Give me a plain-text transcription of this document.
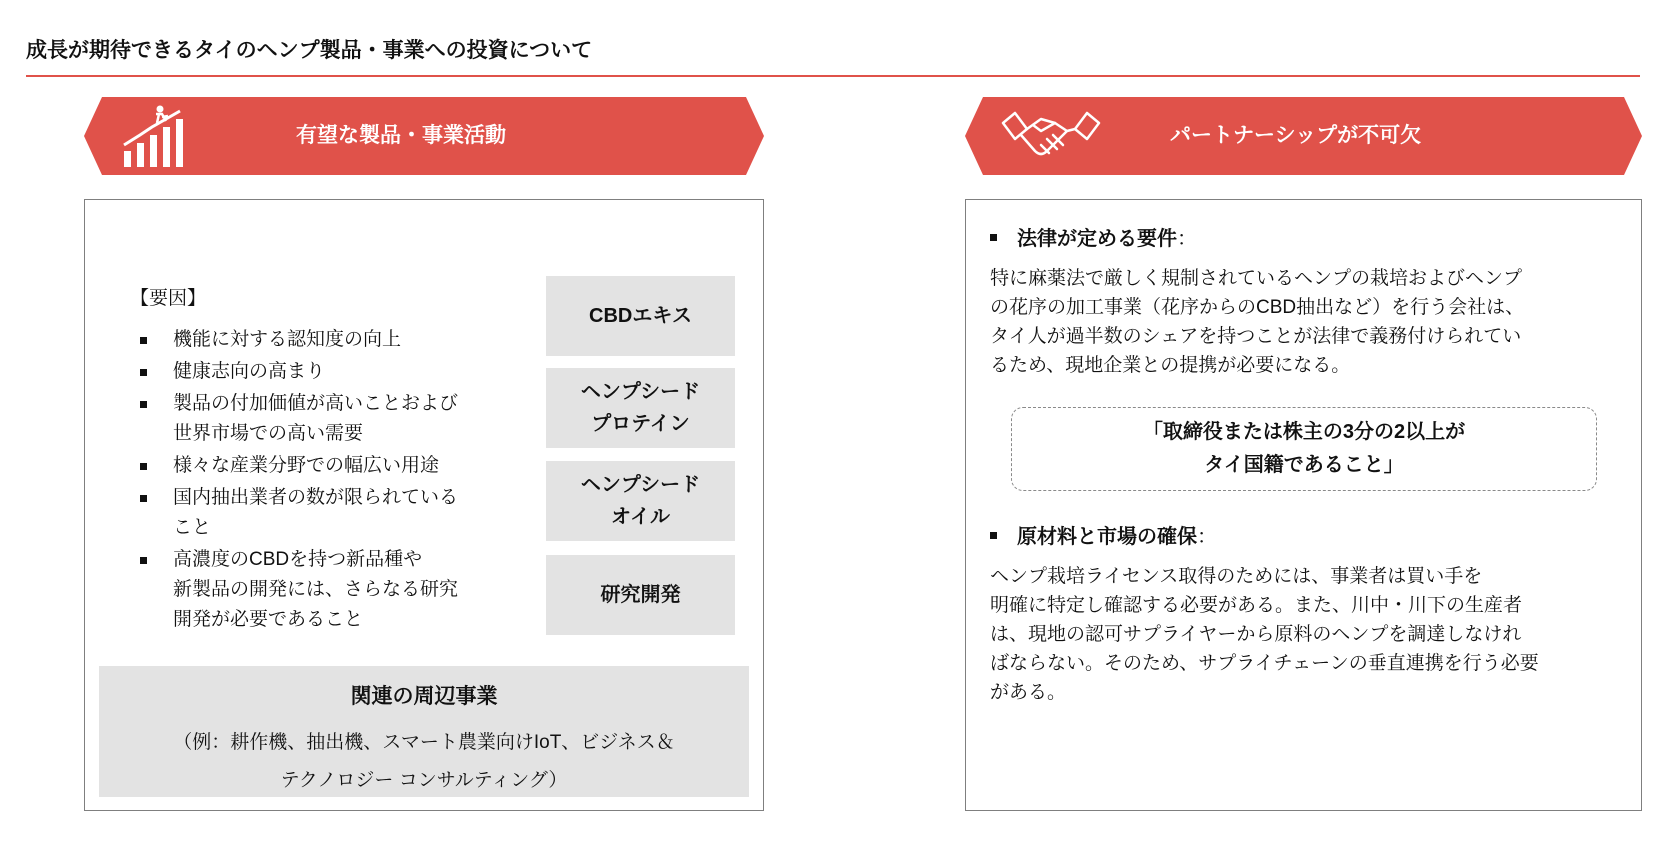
成長が期待できるタイのヘンプ製品・事業への投資について
有望な製品・事業活動	パートナーシップが不可欠
【要因】
機能に対する認知度の向上
健康志向の高まり
製品の付加価値が高いことおよび
世界市場での高い需要
様々な産業分野での幅広い用途
国内抽出業者の数が限られている
こと
高濃度のCBDを持つ新品種や
新製品の開発には、さらなる研究
開発が必要であること
CBDエキス
ヘンプシード
プロテイン
ヘンプシード
オイル
研究開発
関連の周辺事業
（例：耕作機、抽出機、スマート農業向けIoT、ビジネス＆
テクノロジー コンサルティング）
法律が定める要件：
特に麻薬法で厳しく規制されているヘンプの栽培およびヘンプ
の花序の加工事業（花序からのCBD抽出など）を行う会社は、
タイ人が過半数のシェアを持つことが法律で義務付けられてい
るため、現地企業との提携が必要になる。
「取締役または株主の3分の2以上が
タイ国籍であること」
原材料と市場の確保：
ヘンプ栽培ライセンス取得のためには、事業者は買い手を
明確に特定し確認する必要がある。また、川中・川下の生産者
は、現地の認可サプライヤーから原料のヘンプを調達しなけれ
ばならない。そのため、サプライチェーンの垂直連携を行う必要
がある。
